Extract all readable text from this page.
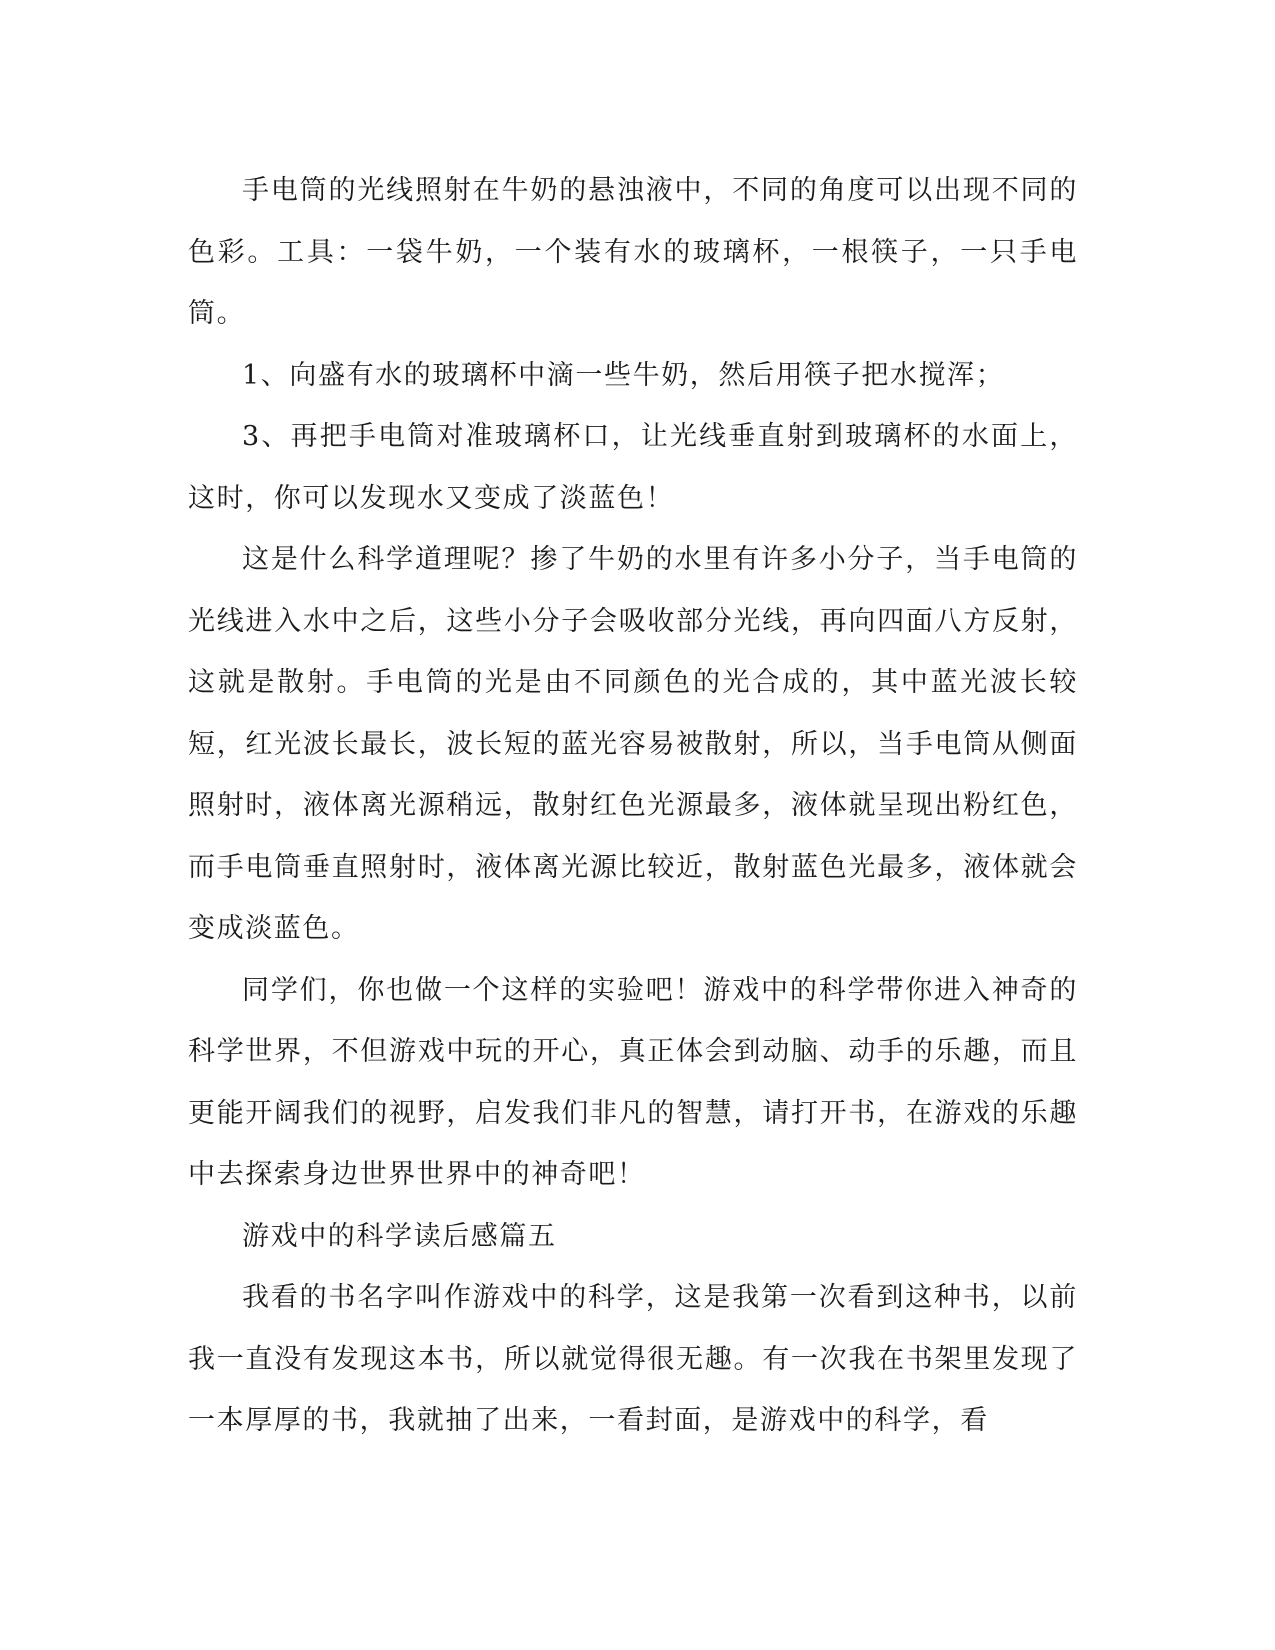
手电筒的光线照射在牛奶的悬浊液中，不同的角度可以出现不同的色彩。工具：一袋牛奶，一个装有水的玻璃杯，一根筷子，一只手电筒。

1、向盛有水的玻璃杯中滴一些牛奶，然后用筷子把水搅浑；

3、再把手电筒对准玻璃杯口，让光线垂直射到玻璃杯的水面上，这时，你可以发现水又变成了淡蓝色！

这是什么科学道理呢？掺了牛奶的水里有许多小分子，当手电筒的光线进入水中之后，这些小分子会吸收部分光线，再向四面八方反射，这就是散射。手电筒的光是由不同颜色的光合成的，其中蓝光波长较短，红光波长最长，波长短的蓝光容易被散射，所以，当手电筒从侧面照射时，液体离光源稍远，散射红色光源最多，液体就呈现出粉红色，而手电筒垂直照射时，液体离光源比较近，散射蓝色光最多，液体就会变成淡蓝色。

同学们，你也做一个这样的实验吧！游戏中的科学带你进入神奇的科学世界，不但游戏中玩的开心，真正体会到动脑、动手的乐趣，而且更能开阔我们的视野，启发我们非凡的智慧，请打开书，在游戏的乐趣中去探索身边世界世界中的神奇吧！

游戏中的科学读后感篇五

我看的书名字叫作游戏中的科学，这是我第一次看到这种书，以前我一直没有发现这本书，所以就觉得很无趣。有一次我在书架里发现了一本厚厚的书，我就抽了出来，一看封面，是游戏中的科学，看
